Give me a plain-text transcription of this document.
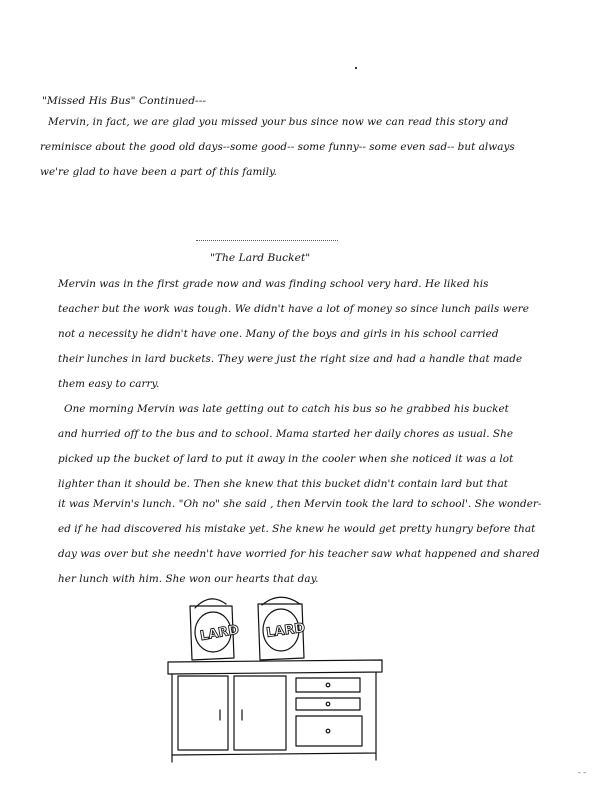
"Missed His Bus" Continued---
Mervin, in fact, we are glad you missed your bus since now we can read this story and
reminisce about the good old days--some good-- some funny-- some even sad-- but always
we're glad to have been a part of this family.
"The Lard Bucket"
Mervin was in the first grade now and was finding school very hard. He liked his
teacher but the work was tough. We didn't have a lot of money so since lunch pails were
not a necessity he didn't have one. Many of the boys and girls in his school carried
their lunches in lard buckets. They were just the right size and had a handle that made
them easy to carry.
One morning Mervin was late getting out to catch his bus so he grabbed his bucket
and hurried off to the bus and to school. Mama started her daily chores as usual. She
picked up the bucket of lard to put it away in the cooler when she noticed it was a lot
lighter than it should be. Then she knew that this bucket didn't contain lard but that
it was Mervin's lunch. "Oh no" she said , then Mervin took the lard to school'. She wonder-
ed if he had discovered his mistake yet. She knew he would get pretty hungry before that
day was over but she needn't have worried for his teacher saw what happened and shared
her lunch with him. She won our hearts that day.
LARD LARD
- -
